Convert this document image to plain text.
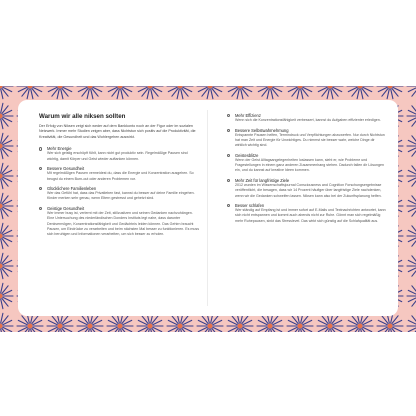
Warum wir alle niksen sollten
Der Erfolg von Niksen zeigt sich weder auf dem Bankkonto noch an der Figur oder im sozialen Netzwerk. Immer mehr Studien zeigen aber, dass Nichtstun sich positiv auf die Produktivität, die Kreativität, die Gesundheit und das Wohlergehen auswirkt.
Mehr Energie
Wer sich geistig erschöpft fühlt, kann nicht gut produktiv sein. Regelmäßige Pausen sind wichtig, damit Körper und Geist wieder auftanken können.
Bessere Gesundheit
Mit regelmäßigen Pausen vermeidest du, dass die Energie und Konzentration ausgehen. So beugst du einem Burn-out oder anderen Problemen vor.
Glücklichere Familienleben
Wer das Gefühl hat, dass das Privatleben fast, kannst du besser auf deine Familie eingehen. Kinder merken sehr genau, wenn Eltern gestresst und gehetzt sind.
Geistige Gesundheit
Wer immer busy ist, verlernt mit der Zeit, stillzusitzen und seinen Gedanken nachzuhängen. Eine Untersuchung des niederländischen Donders Instituts legt nahe, dass darunter Denkvermögen, Konzentrationsfähigkeit und Gedächtnis leiden können. Das Gehirn braucht Pausen, um Eindrücke zu verarbeiten und beim nächsten Mal besser zu funktionieren. Es muss sich beruhigen und Informationen verarbeiten, um sich besser zu erholen.
Mehr Effizienz
Wenn sich die Konzentrationsfähigkeit verbessert, kannst du Aufgaben effizienter erledigen.
Bessere Selbstwahrnehmung
Entspannte Pausen helfen, Termindruck und Verpflichtungen abzuwerfen. Nur durch Nichtstun hat man Zeit und Energie für Unwichtiges. Du nimmst sie besser wahr, welche Dinge dir wirklich wichtig sind.
Geistesblitze
Wenn der Geist Alltagsangelegenheiten loslassen kann, sieht er, wie Probleme und Fragestellungen in einem ganz anderen Zusammenhang stehen. Dadurch fallen dir Lösungen ein, und du kannst auf kreative Ideen kommen.
Mehr Zeit für langfristige Ziele
2012 wurden im Wissenschaftsjournal Consciousness and Cognition Forschungsergebnisse veröffentlicht, die besagen, dass wir 14 Prozent häufiger über langfristige Ziele nachdenken, wenn wir die Gedanken schweifen lassen. Niksen kann also bei der Zukunftsplanung helfen.
Besser schlafen
Wer ständig auf Empfang ist und immer sofort auf E-Mails und Textnachrichten antwortet, kann sich nicht entspannen und kommt auch abends nicht zur Ruhe. Gönnt man sich regelmäßig mehr Ruhepausen, sinkt das Stresslevel. Das wirkt sich günstig auf die Schlafqualität aus.
